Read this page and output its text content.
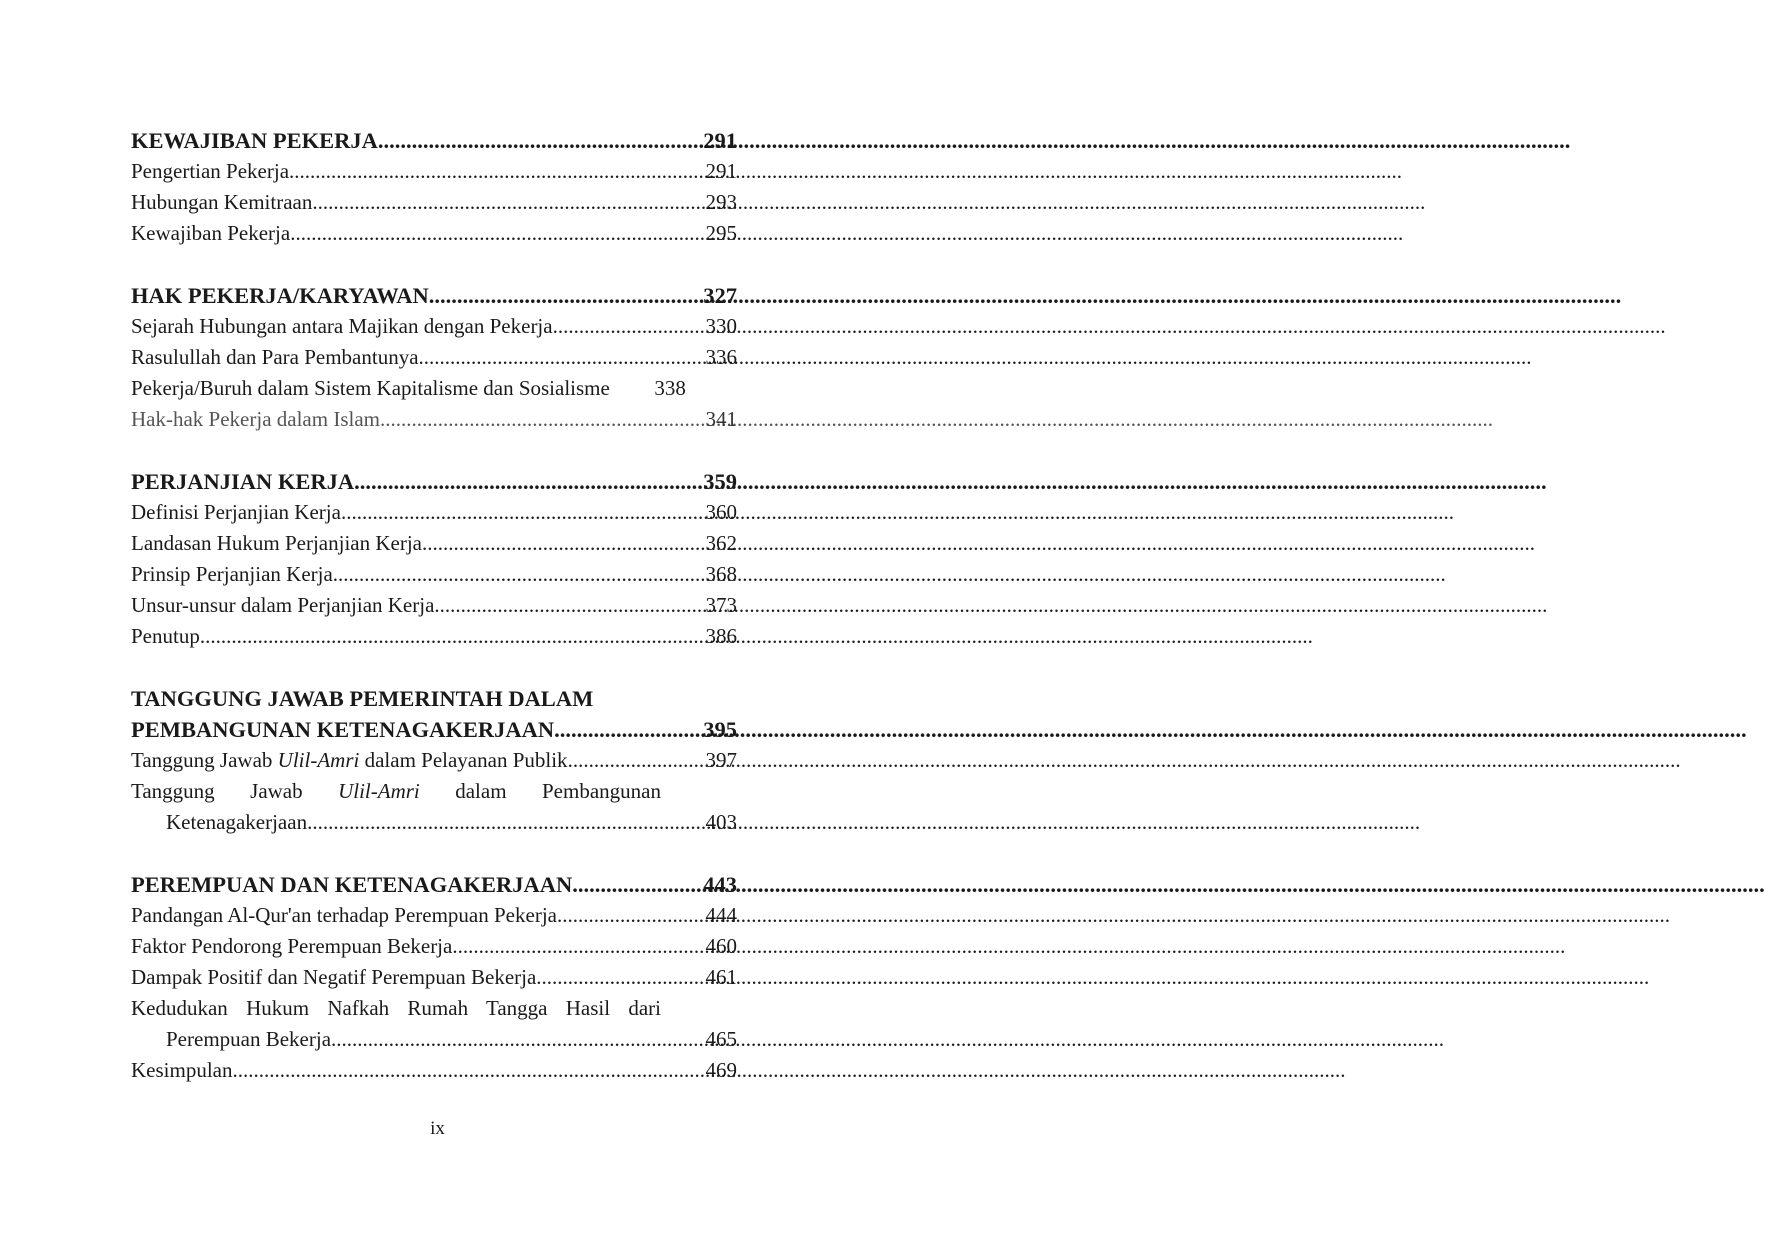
KEWAJIBAN PEKERJA .....	291
Pengertian Pekerja .....	291
Hubungan Kemitraan .....	293
Kewajiban Pekerja .....	295
HAK PEKERJA/KARYAWAN .....	327
Sejarah Hubungan antara Majikan dengan Pekerja .....	330
Rasulullah dan Para Pembantunya .....	336
Pekerja/Buruh dalam Sistem Kapitalisme dan Sosialisme	338
Hak-hak Pekerja dalam Islam .....	341
PERJANJIAN KERJA .....	359
Definisi Perjanjian Kerja .....	360
Landasan Hukum Perjanjian Kerja .....	362
Prinsip Perjanjian Kerja .....	368
Unsur-unsur dalam Perjanjian Kerja .....	373
Penutup .....	386
TANGGUNG JAWAB PEMERINTAH DALAM
PEMBANGUNAN KETENAGAKERJAAN .....	395
Tanggung Jawab Ulil-Amri dalam Pelayanan Publik .....	397
Tanggung Jawab Ulil-Amri dalam Pembangunan
Ketenagakerjaan .....	403
PEREMPUAN DAN KETENAGAKERJAAN .....	443
Pandangan Al-Qur'an terhadap Perempuan Pekerja .....	444
Faktor Pendorong Perempuan Bekerja .....	460
Dampak Positif dan Negatif Perempuan Bekerja .....	461
Kedudukan Hukum Nafkah Rumah Tangga Hasil dari
Perempuan Bekerja .....	465
Kesimpulan .....	469
ix
